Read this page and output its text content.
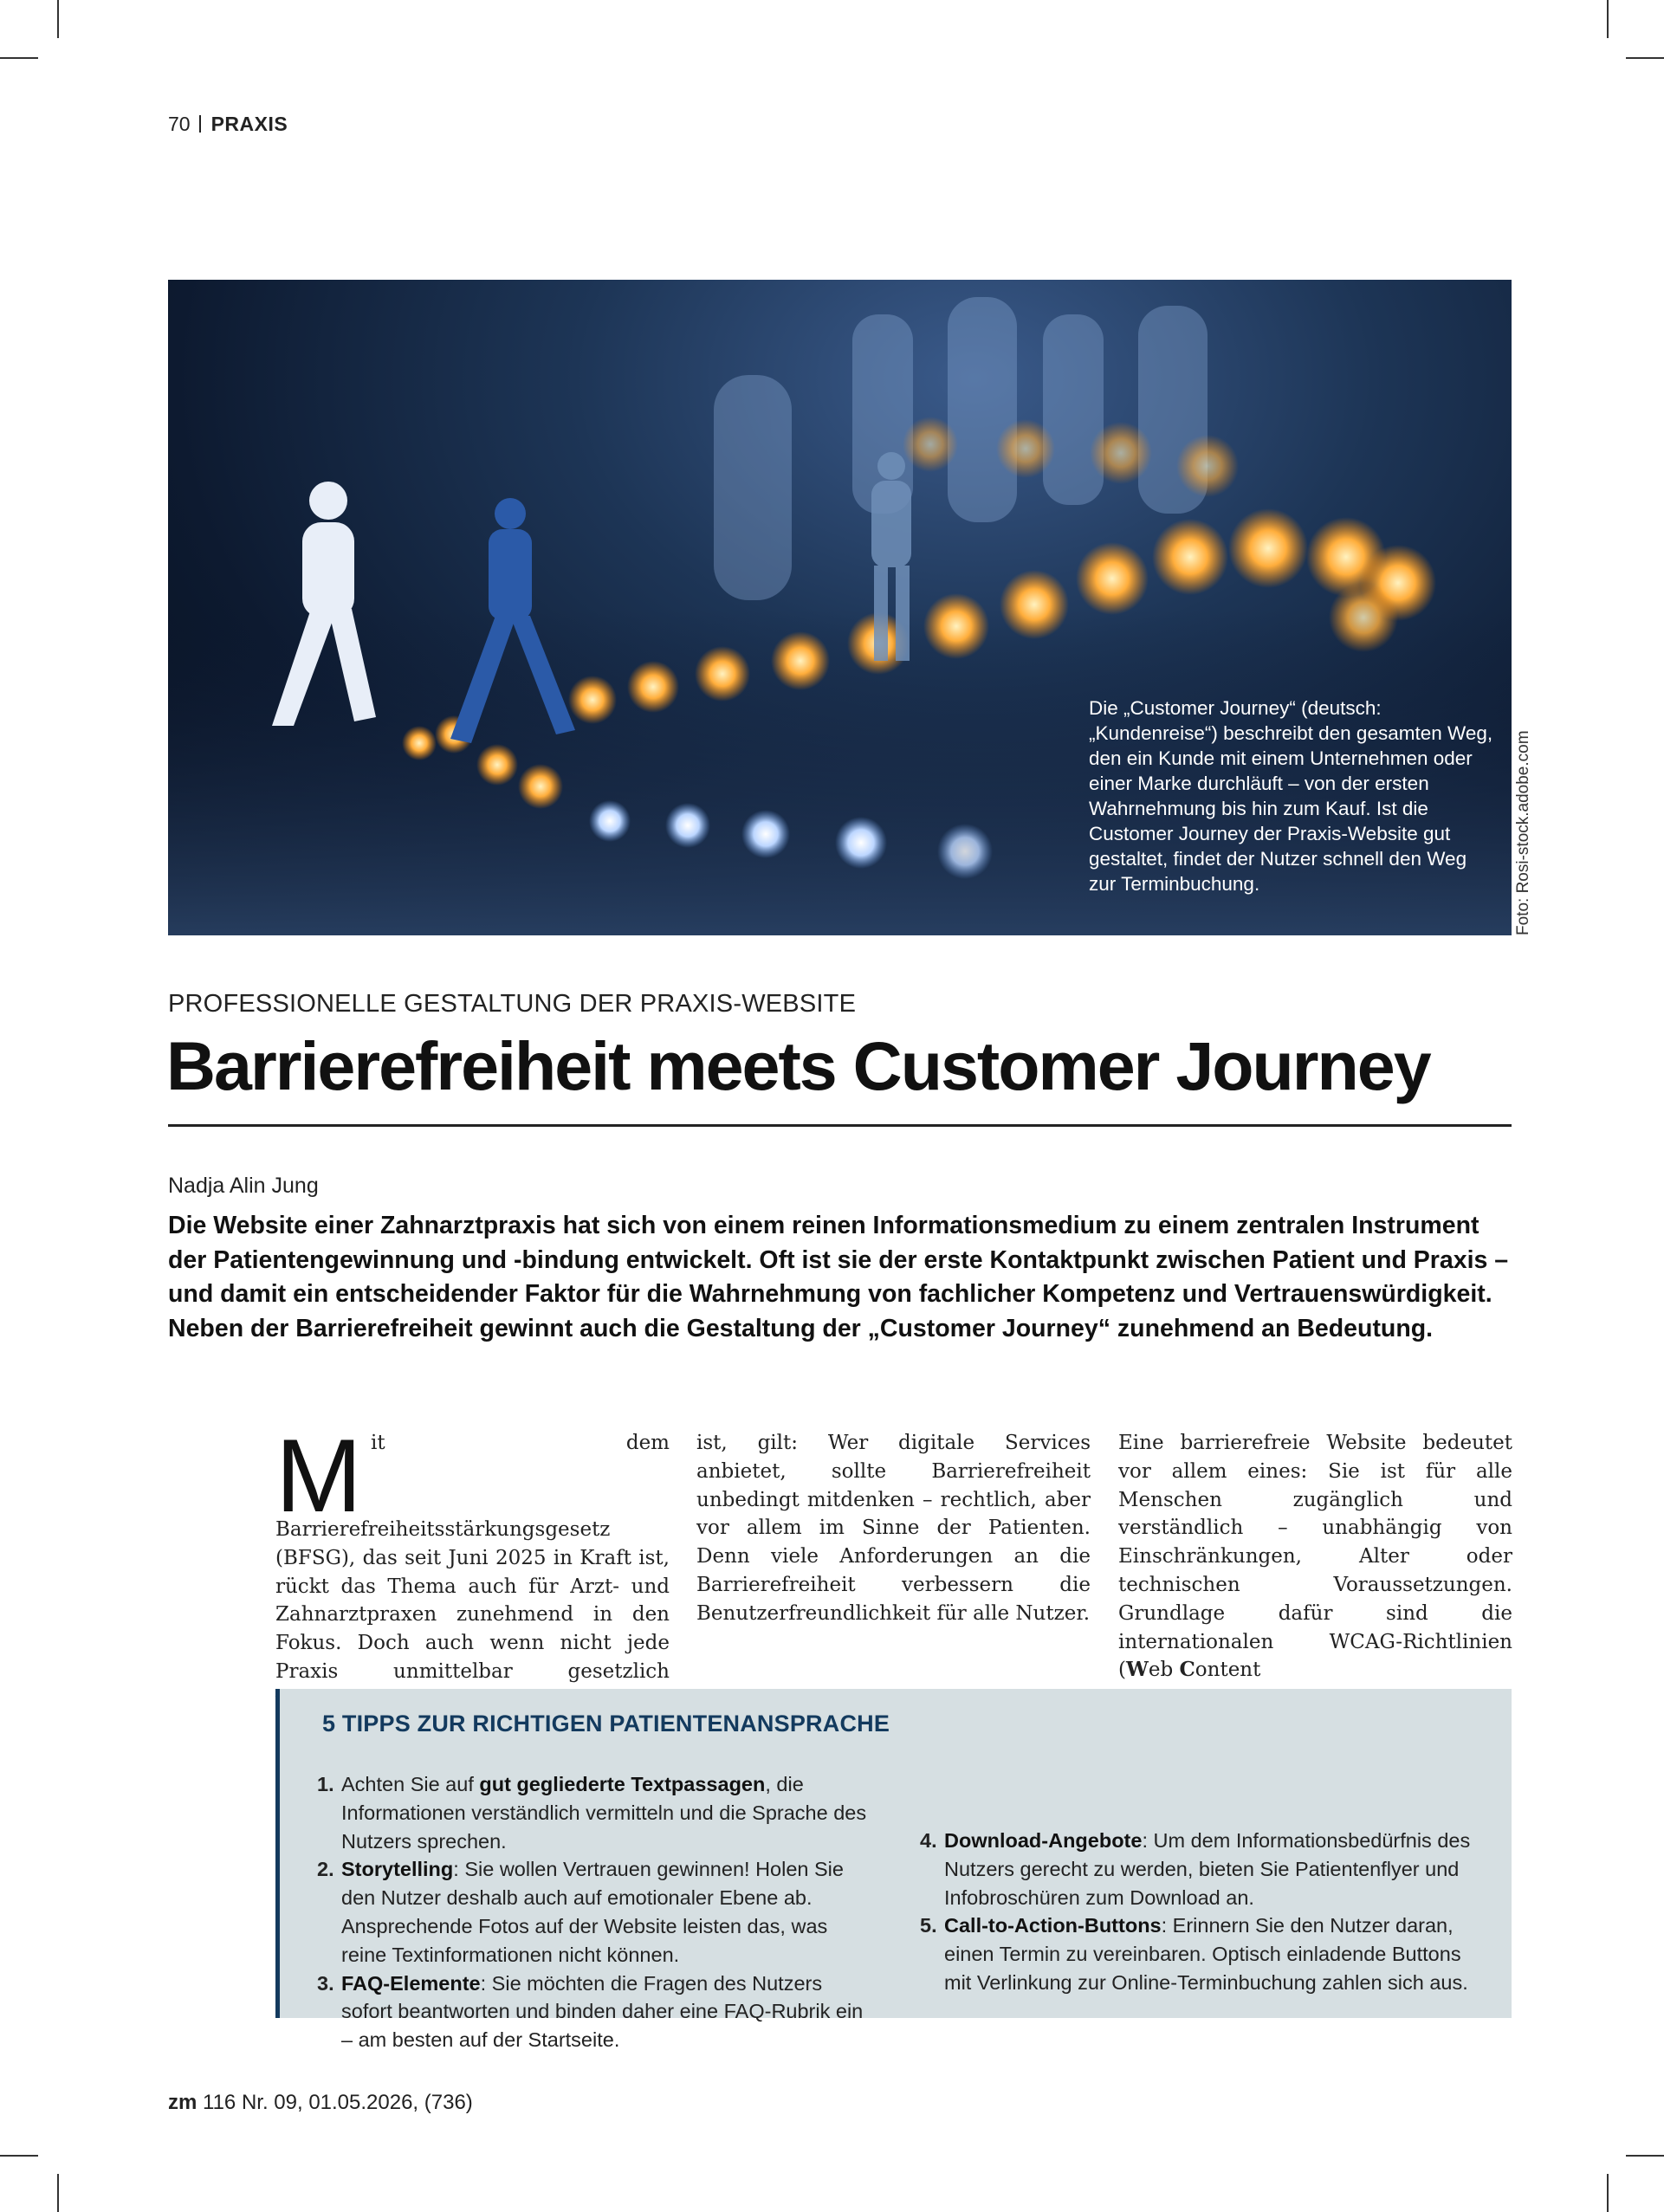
70 PRAXIS
Die „Customer Journey“ (deutsch: „Kundenreise“) beschreibt den gesamten Weg, den ein Kunde mit einem Unternehmen oder einer Marke durchläuft – von der ersten Wahrnehmung bis hin zum Kauf. Ist die Customer Journey der Praxis-Website gut gestaltet, findet der Nutzer schnell den Weg zur Terminbuchung.	Foto: Rosi-stock.adobe.com
PROFESSIONELLE GESTALTUNG DER PRAXIS-WEBSITE
Barrierefreiheit meets Customer Journey
Nadja Alin Jung

Die Website einer Zahnarztpraxis hat sich von einem reinen Informationsmedium zu einem zentralen Instrument der Patientengewinnung und -bindung entwickelt. Oft ist sie der erste Kontaktpunkt zwischen Patient und Praxis – und damit ein entscheidender Faktor für die Wahrnehmung von fachlicher Kompetenz und Vertrauenswürdigkeit. Neben der Barrierefreiheit gewinnt auch die Gestaltung der „Customer Journey“ zunehmend an Bedeutung.

Mit dem Barrierefreiheitsstärkungsgesetz (BFSG), das seit Juni 2025 in Kraft ist, rückt das Thema auch für Arzt- und Zahnarztpraxen zunehmend in den Fokus. Doch auch wenn nicht jede Praxis unmittelbar gesetzlich

ist, gilt: Wer digitale Services anbietet, sollte Barrierefreiheit unbedingt mitdenken – rechtlich, aber vor allem im Sinne der Patienten. Denn viele Anforderungen an die Barrierefreiheit verbessern die Benutzerfreundlichkeit für alle Nutzer.

Eine barrierefreie Website bedeutet vor allem eines: Sie ist für alle Menschen zugänglich und verständlich – unabhängig von Einschränkungen, Alter oder technischen Voraussetzungen. Grundlage dafür sind die internationalen WCAG-Richtlinien (Web Content

5 TIPPS ZUR RICHTIGEN PATIENTENANSPRACHE
1. Achten Sie auf gut gegliederte Textpassagen, die Informationen verständlich vermitteln und die Sprache des Nutzers sprechen.
2. Storytelling: Sie wollen Vertrauen gewinnen! Holen Sie den Nutzer deshalb auch auf emotionaler Ebene ab. Ansprechende Fotos auf der Website leisten das, was reine Textinformationen nicht können.
3. FAQ-Elemente: Sie möchten die Fragen des Nutzers sofort beantworten und binden daher eine FAQ-Rubrik ein – am besten auf der Startseite.
4. Download-Angebote: Um dem Informationsbedürfnis des Nutzers gerecht zu werden, bieten Sie Patientenflyer und Infobroschüren zum Download an.
5. Call-to-Action-Buttons: Erinnern Sie den Nutzer daran, einen Termin zu vereinbaren. Optisch einladende Buttons mit Verlinkung zur Online-Terminbuchung zahlen sich aus.
zm 116 Nr. 09, 01.05.2026, (736)
